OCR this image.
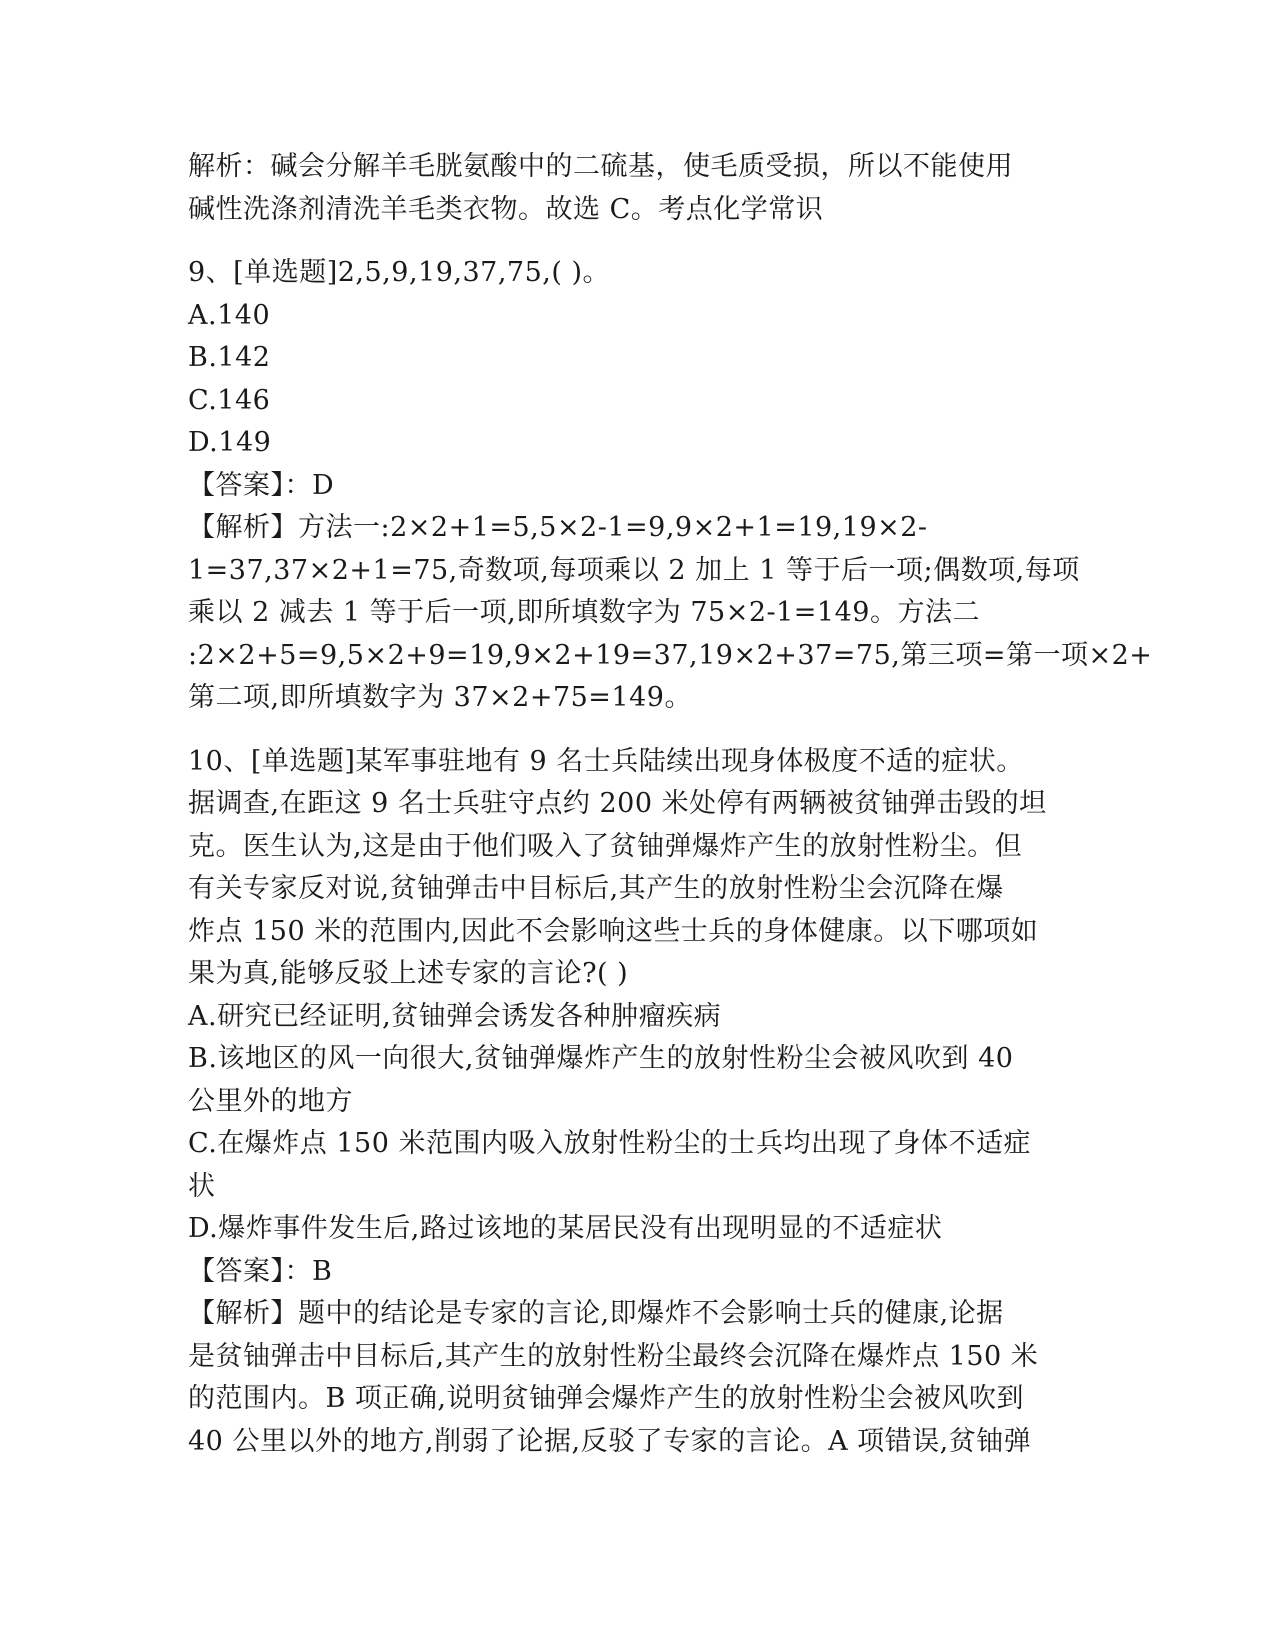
解析：碱会分解羊毛胱氨酸中的二硫基，使毛质受损，所以不能使用
碱性洗涤剂清洗羊毛类衣物。故选 C。考点化学常识
9、[单选题]2,5,9,19,37,75,( )。
A.140
B.142
C.146
D.149
【答案】：D
【解析】方法一:2×2+1=5,5×2-1=9,9×2+1=19,19×2-
1=37,37×2+1=75,奇数项,每项乘以 2 加上 1 等于后一项;偶数项,每项
乘以 2 减去 1 等于后一项,即所填数字为 75×2-1=149。方法二
:2×2+5=9,5×2+9=19,9×2+19=37,19×2+37=75,第三项=第一项×2+
第二项,即所填数字为 37×2+75=149。
10、[单选题]某军事驻地有 9 名士兵陆续出现身体极度不适的症状。
据调查,在距这 9 名士兵驻守点约 200 米处停有两辆被贫铀弹击毁的坦
克。医生认为,这是由于他们吸入了贫铀弹爆炸产生的放射性粉尘。但
有关专家反对说,贫铀弹击中目标后,其产生的放射性粉尘会沉降在爆
炸点 150 米的范围内,因此不会影响这些士兵的身体健康。以下哪项如
果为真,能够反驳上述专家的言论?( )
A.研究已经证明,贫铀弹会诱发各种肿瘤疾病
B.该地区的风一向很大,贫铀弹爆炸产生的放射性粉尘会被风吹到 40
公里外的地方
C.在爆炸点 150 米范围内吸入放射性粉尘的士兵均出现了身体不适症
状
D.爆炸事件发生后,路过该地的某居民没有出现明显的不适症状
【答案】：B
【解析】题中的结论是专家的言论,即爆炸不会影响士兵的健康,论据
是贫铀弹击中目标后,其产生的放射性粉尘最终会沉降在爆炸点 150 米
的范围内。B 项正确,说明贫铀弹会爆炸产生的放射性粉尘会被风吹到
40 公里以外的地方,削弱了论据,反驳了专家的言论。A 项错误,贫铀弹
